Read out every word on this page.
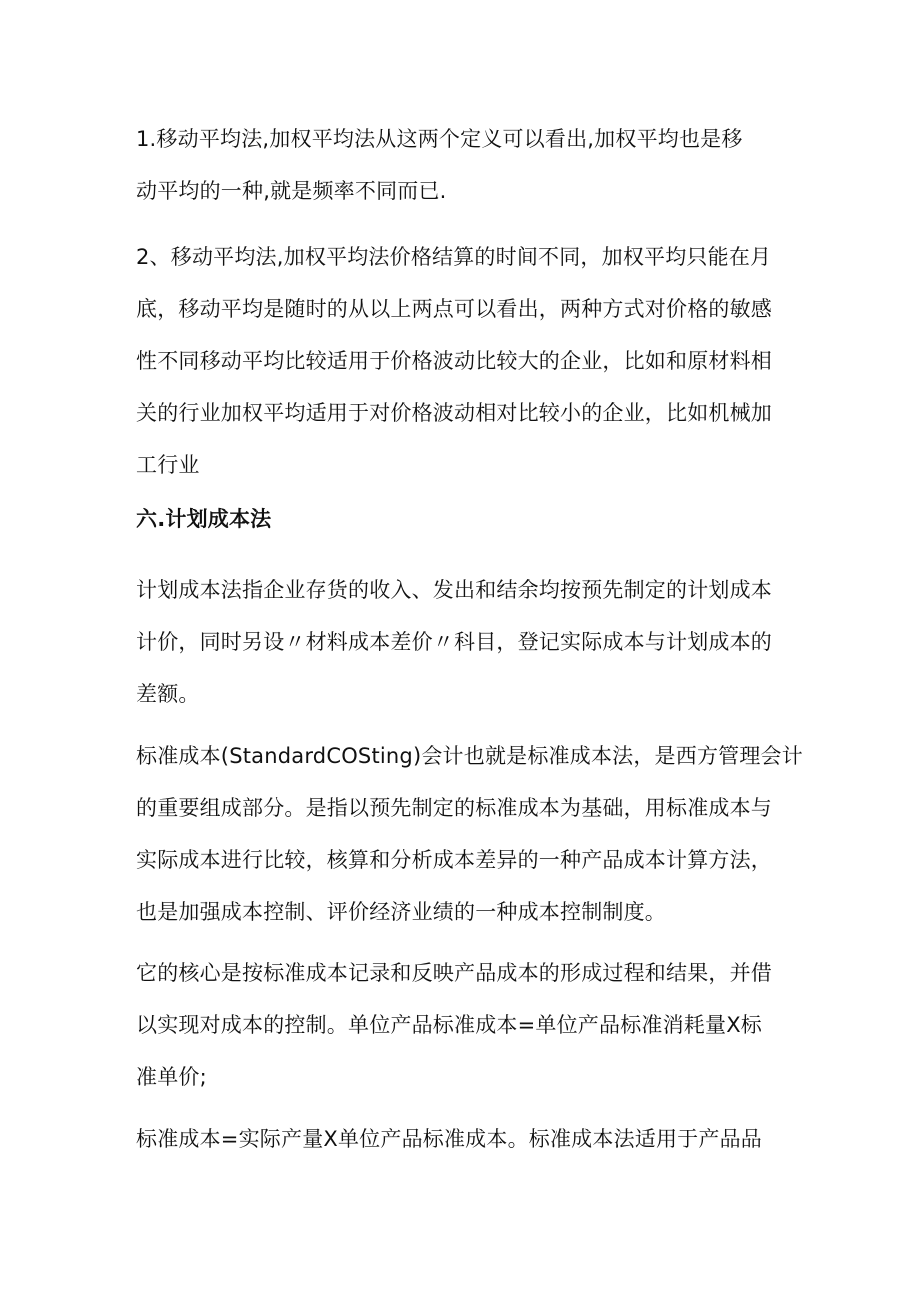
1.移动平均法,加权平均法从这两个定义可以看出,加权平均也是移
动平均的一种,就是频率不同而已.
2、移动平均法,加权平均法价格结算的时间不同，加权平均只能在月
底，移动平均是随时的从以上两点可以看出，两种方式对价格的敏感
性不同移动平均比较适用于价格波动比较大的企业，比如和原材料相
关的行业加权平均适用于对价格波动相对比较小的企业，比如机械加
工行业
六.计划成本法
计划成本法指企业存货的收入、发出和结余均按预先制定的计划成本
计价，同时另设〃材料成本差价〃科目，登记实际成本与计划成本的
差额。
标准成本(StandardCOSting)会计也就是标准成本法，是西方管理会计
的重要组成部分。是指以预先制定的标准成本为基础，用标准成本与
实际成本进行比较，核算和分析成本差异的一种产品成本计算方法，
也是加强成本控制、评价经济业绩的一种成本控制制度。
它的核心是按标准成本记录和反映产品成本的形成过程和结果，并借
以实现对成本的控制。单位产品标准成本=单位产品标准消耗量X标
准单价;
标准成本=实际产量X单位产品标准成本。标准成本法适用于产品品
